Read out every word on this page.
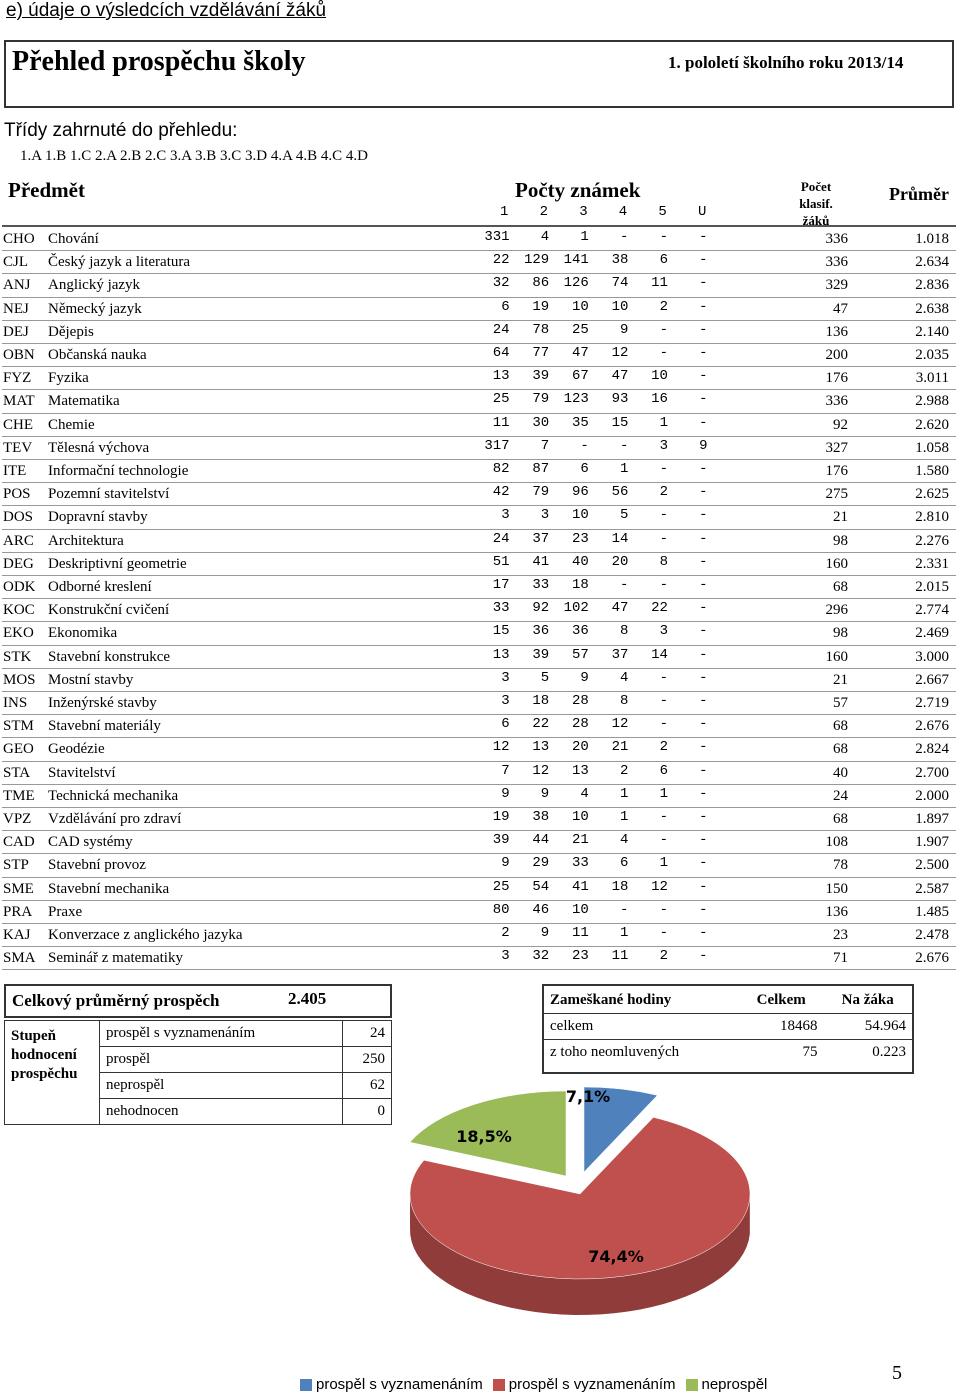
e) údaje o výsledcích vzdělávání žáků
Přehled prospěchu školy	1. pololetí školního roku 2013/14
Třídy zahrnuté do přehledu:
1.A 1.B 1.C 2.A 2.B 2.C 3.A 3.B 3.C 3.D 4.A 4.B 4.C 4.D
Předmět	Počty známek
1 2 3 4 5 U
Počet
klasif. žáků
Průměr
CHO Chování	331 4 1 - - -	336	1.018
CJL Český jazyk a literatura	22 129 141 38 6 -	336	2.634
ANJ Anglický jazyk	32 86 126 74 11 -	329	2.836
NEJ Německý jazyk	6 19 10 10 2 -	47	2.638
DEJ Dějepis	24 78 25 9 - -	136	2.140
OBN Občanská nauka	64 77 47 12 - -	200	2.035
FYZ Fyzika	13 39 67 47 10 -	176	3.011
MAT Matematika	25 79 123 93 16 -	336	2.988
CHE Chemie	11 30 35 15 1 -	92	2.620
TEV Tělesná výchova	317 7 - - 3 9	327	1.058
ITE Informační technologie	82 87 6 1 - -	176	1.580
POS Pozemní stavitelství	42 79 96 56 2 -	275	2.625
DOS Dopravní stavby	3 3 10 5 - -	21	2.810
ARC Architektura	24 37 23 14 - -	98	2.276
DEG Deskriptivní geometrie	51 41 40 20 8 -	160	2.331
ODK Odborné kreslení	17 33 18 - - -	68	2.015
KOC Konstrukční cvičení	33 92 102 47 22 -	296	2.774
EKO Ekonomika	15 36 36 8 3 -	98	2.469
STK Stavební konstrukce	13 39 57 37 14 -	160	3.000
MOS Mostní stavby	3 5 9 4 - -	21	2.667
INS Inženýrské stavby	3 18 28 8 - -	57	2.719
STM Stavební materiály	6 22 28 12 - -	68	2.676
GEO Geodézie	12 13 20 21 2 -	68	2.824
STA Stavitelství	7 12 13 2 6 -	40	2.700
TME Technická mechanika	9 9 4 1 1 -	24	2.000
VPZ Vzdělávání pro zdraví	19 38 10 1 - -	68	1.897
CAD CAD systémy	39 44 21 4 - -	108	1.907
STP Stavební provoz	9 29 33 6 1 -	78	2.500
SME Stavební mechanika	25 54 41 18 12 -	150	2.587
PRA Praxe	80 46 10 - - -	136	1.485
KAJ Konverzace z anglického jazyka	2 9 11 1 - -	23	2.478
SMA Seminář z matematiky	3 32 23 11 2 -	71	2.676
Celkový průměrný prospěch	2.405
Stupeň
hodnocení
prospěchu	prospěl s vyznamenáním	24
	prospěl	250
	neprospěl	62
	nehodnocen	0
Zameškané hodiny	Celkem	Na žáka
celkem	18468	54.964
z toho neomluvených	75	0.223
7,1%
74,4%
18,5%
prospěl s vyznamenáním prospěl s vyznamenáním neprospěl
5
